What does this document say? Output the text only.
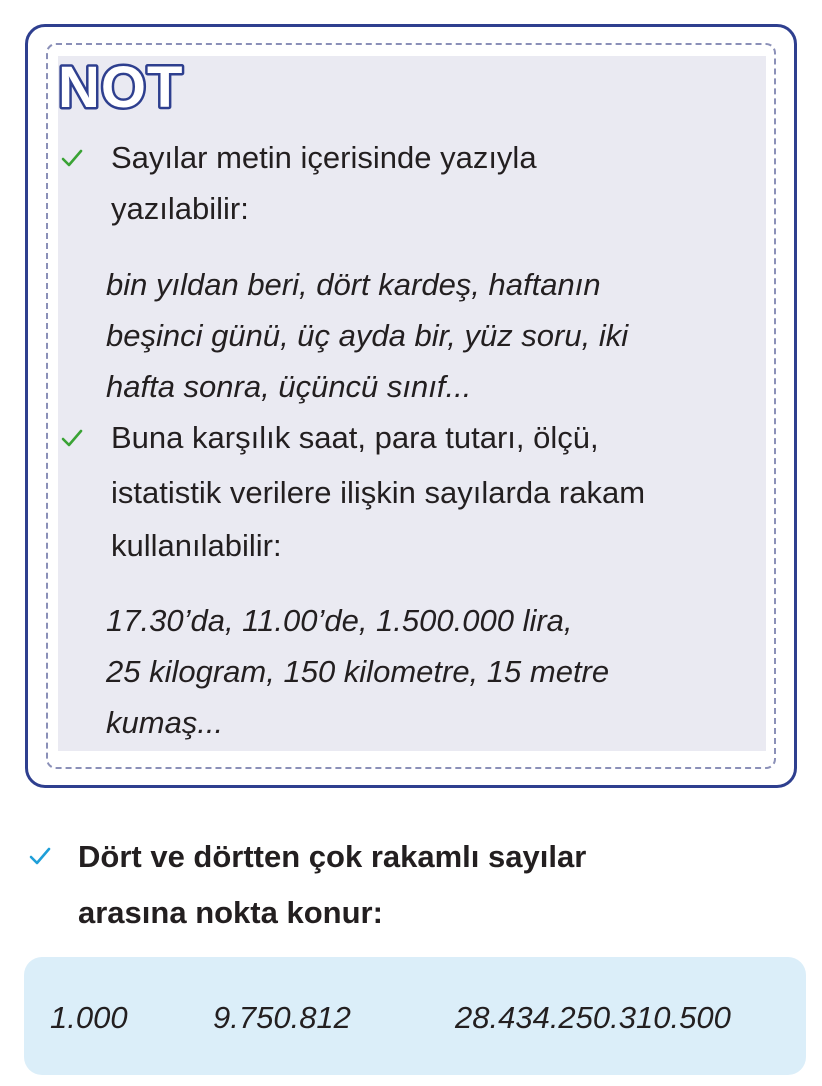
NOT

Sayılar metin içerisinde yazıyla

yazılabilir:

bin yıldan beri, dört kardeş, haftanın

beşinci günü, üç ayda bir, yüz soru, iki

hafta sonra, üçüncü sınıf...

Buna karşılık saat, para tutarı, ölçü,

istatistik verilere ilişkin sayılarda rakam

kullanılabilir:

17.30’da, 11.00’de, 1.500.000 lira,

25 kilogram, 150 kilometre, 15 metre

kumaş...

Dört ve dörtten çok rakamlı sayılar

arasına nokta konur:

1.000	9.750.812	28.434.250.310.500
